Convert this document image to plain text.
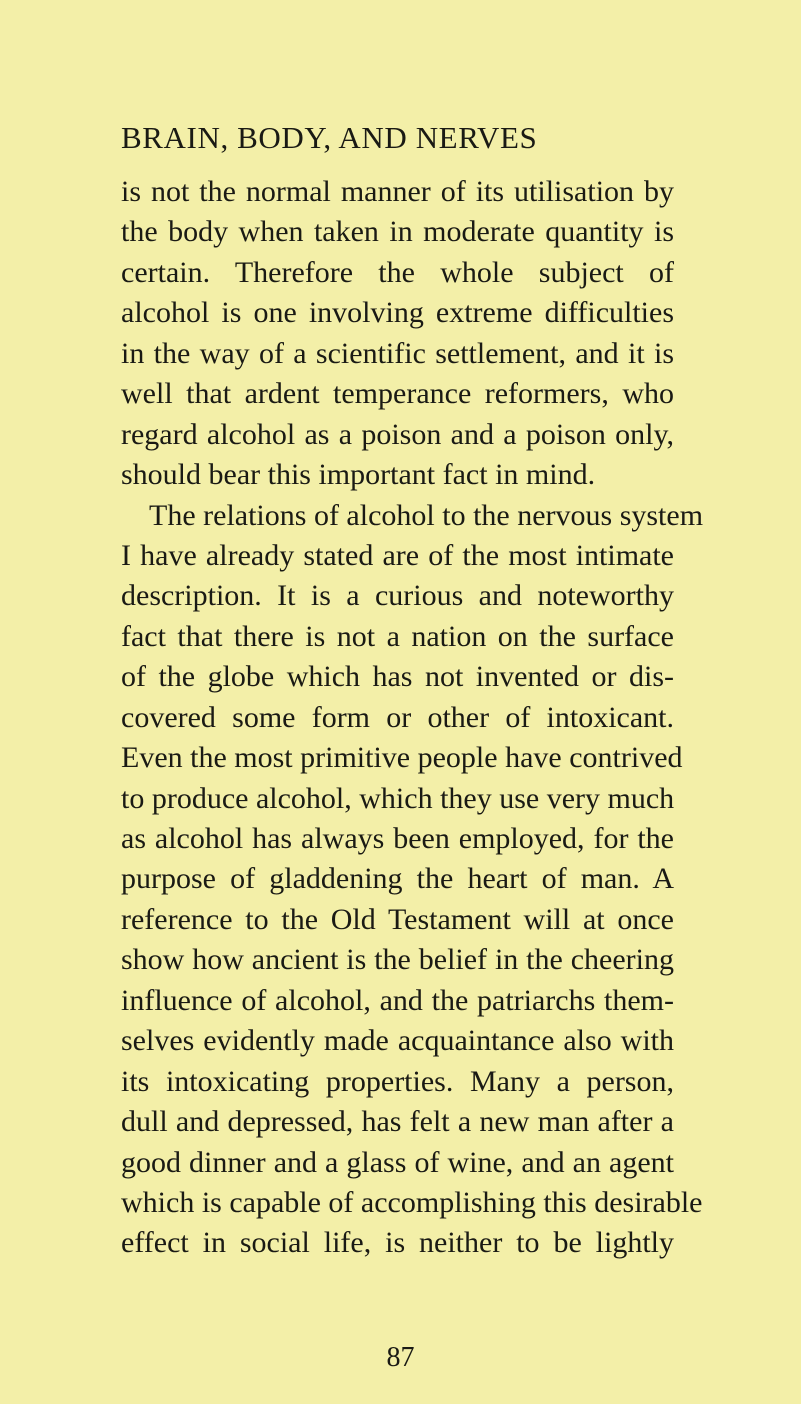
BRAIN, BODY, AND NERVES
is not the normal manner of its utilisation by
the body when taken in moderate quantity is
certain. Therefore the whole subject of
alcohol is one involving extreme difficulties
in the way of a scientific settlement, and it is
well that ardent temperance reformers, who
regard alcohol as a poison and a poison only,
should bear this important fact in mind.
The relations of alcohol to the nervous system
I have already stated are of the most intimate
description. It is a curious and noteworthy
fact that there is not a nation on the surface
of the globe which has not invented or dis-
covered some form or other of intoxicant.
Even the most primitive people have contrived
to produce alcohol, which they use very much
as alcohol has always been employed, for the
purpose of gladdening the heart of man. A
reference to the Old Testament will at once
show how ancient is the belief in the cheering
influence of alcohol, and the patriarchs them-
selves evidently made acquaintance also with
its intoxicating properties. Many a person,
dull and depressed, has felt a new man after a
good dinner and a glass of wine, and an agent
which is capable of accomplishing this desirable
effect in social life, is neither to be lightly
87
